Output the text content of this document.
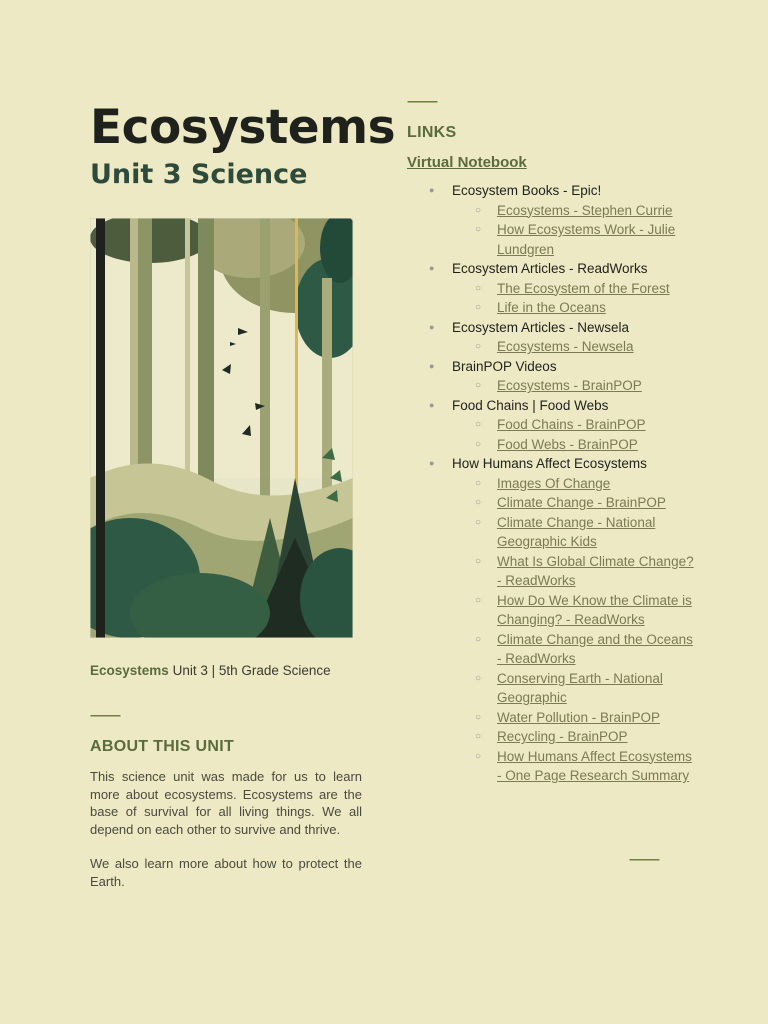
Ecosystems
Unit 3 Science
Ecosystems Unit 3 | 5th Grade Science
----------
ABOUT THIS UNIT

This science unit was made for us to learn more about ecosystems. Ecosystems are the base of survival for all living things. We all depend on each other to survive and thrive.

We also learn more about how to protect the Earth.

----------
LINKS
Virtual Notebook
● Ecosystem Books - Epic!
○ Ecosystems - Stephen Currie
○ How Ecosystems Work - Julie Lundgren
● Ecosystem Articles - ReadWorks
○ The Ecosystem of the Forest
○ Life in the Oceans
● Ecosystem Articles - Newsela
○ Ecosystems - Newsela
● BrainPOP Videos
○ Ecosystems - BrainPOP
● Food Chains | Food Webs
○ Food Chains - BrainPOP
○ Food Webs - BrainPOP
● How Humans Affect Ecosystems
○ Images Of Change
○ Climate Change - BrainPOP
○ Climate Change - National Geographic Kids
○ What Is Global Climate Change? - ReadWorks
○ How Do We Know the Climate is Changing? - ReadWorks
○ Climate Change and the Oceans - ReadWorks
○ Conserving Earth - National Geographic
○ Water Pollution - BrainPOP
○ Recycling - BrainPOP
○ How Humans Affect Ecosystems - One Page Research Summary
----------
